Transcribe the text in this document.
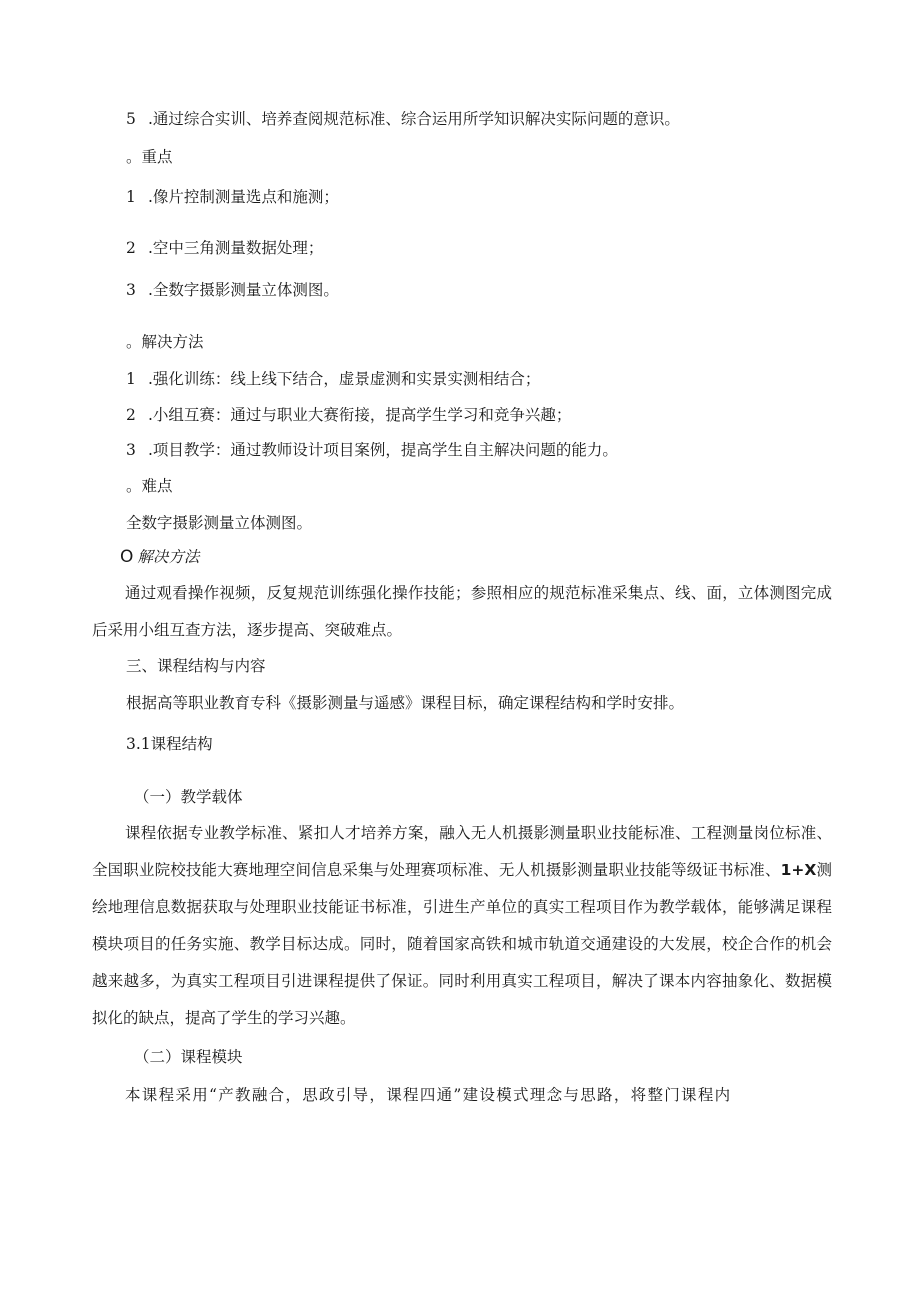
5 .通过综合实训、培养查阅规范标准、综合运用所学知识解决实际问题的意识。
。重点
1 .像片控制测量选点和施测；
2 .空中三角测量数据处理；
3 .全数字摄影测量立体测图。
。解决方法
1 .强化训练：线上线下结合，虚景虚测和实景实测相结合；
2 .小组互赛：通过与职业大赛衔接，提高学生学习和竞争兴趣；
3 .项目教学：通过教师设计项目案例，提高学生自主解决问题的能力。
。难点
全数字摄影测量立体测图。
O 解决方法
通过观看操作视频，反复规范训练强化操作技能；参照相应的规范标准采集点、线、面，立体测图完成后采用小组互查方法，逐步提高、突破难点。
三、课程结构与内容
根据高等职业教育专科《摄影测量与遥感》课程目标，确定课程结构和学时安排。
3.1课程结构
（一）教学载体
课程依据专业教学标准、紧扣人才培养方案，融入无人机摄影测量职业技能标准、工程测量岗位标准、全国职业院校技能大赛地理空间信息采集与处理赛项标准、无人机摄影测量职业技能等级证书标准、1+X测绘地理信息数据获取与处理职业技能证书标准，引进生产单位的真实工程项目作为教学载体，能够满足课程模块项目的任务实施、教学目标达成。同时，随着国家高铁和城市轨道交通建设的大发展，校企合作的机会越来越多，为真实工程项目引进课程提供了保证。同时利用真实工程项目，解决了课本内容抽象化、数据模拟化的缺点，提高了学生的学习兴趣。
（二）课程模块
本课程采用“产教融合，思政引导，课程四通”建设模式理念与思路，将整门课程内
